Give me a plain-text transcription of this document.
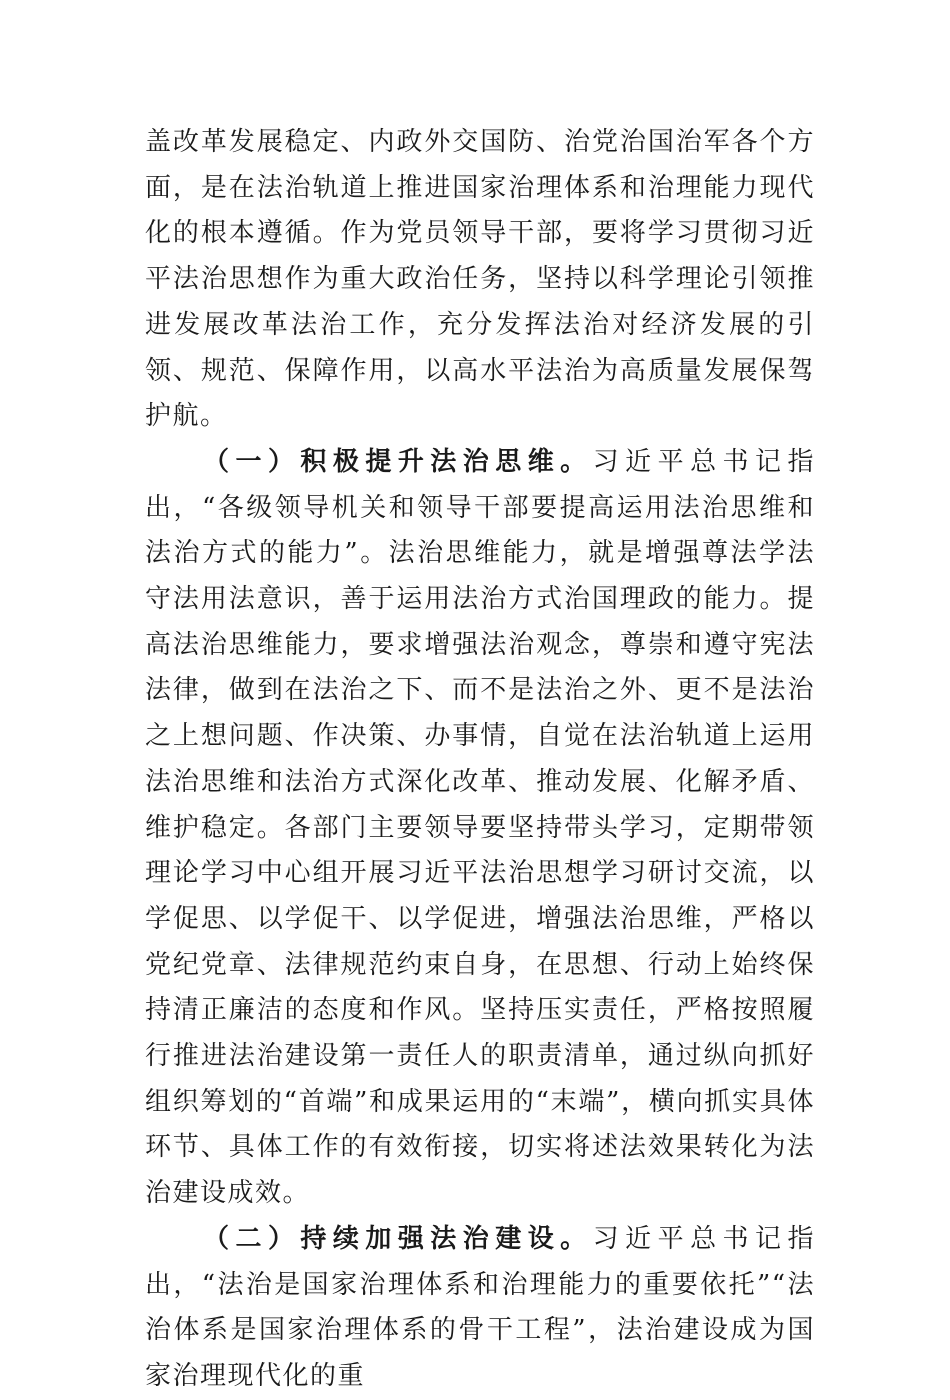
盖改革发展稳定、内政外交国防、治党治国治军各个方面，是在法治轨道上推进国家治理体系和治理能力现代化的根本遵循。作为党员领导干部，要将学习贯彻习近平法治思想作为重大政治任务，坚持以科学理论引领推进发展改革法治工作，充分发挥法治对经济发展的引领、规范、保障作用，以高水平法治为高质量发展保驾护航。

（一）积极提升法治思维。习近平总书记指出，“各级领导机关和领导干部要提高运用法治思维和法治方式的能力”。法治思维能力，就是增强尊法学法守法用法意识，善于运用法治方式治国理政的能力。提高法治思维能力，要求增强法治观念，尊崇和遵守宪法法律，做到在法治之下、而不是法治之外、更不是法治之上想问题、作决策、办事情，自觉在法治轨道上运用法治思维和法治方式深化改革、推动发展、化解矛盾、维护稳定。各部门主要领导要坚持带头学习，定期带领理论学习中心组开展习近平法治思想学习研讨交流，以学促思、以学促干、以学促进，增强法治思维，严格以党纪党章、法律规范约束自身，在思想、行动上始终保持清正廉洁的态度和作风。坚持压实责任，严格按照履行推进法治建设第一责任人的职责清单，通过纵向抓好组织筹划的“首端”和成果运用的“末端”，横向抓实具体环节、具体工作的有效衔接，切实将述法效果转化为法治建设成效。

（二）持续加强法治建设。习近平总书记指出，“法治是国家治理体系和治理能力的重要依托”“法治体系是国家治理体系的骨干工程”，法治建设成为国家治理现代化的重
